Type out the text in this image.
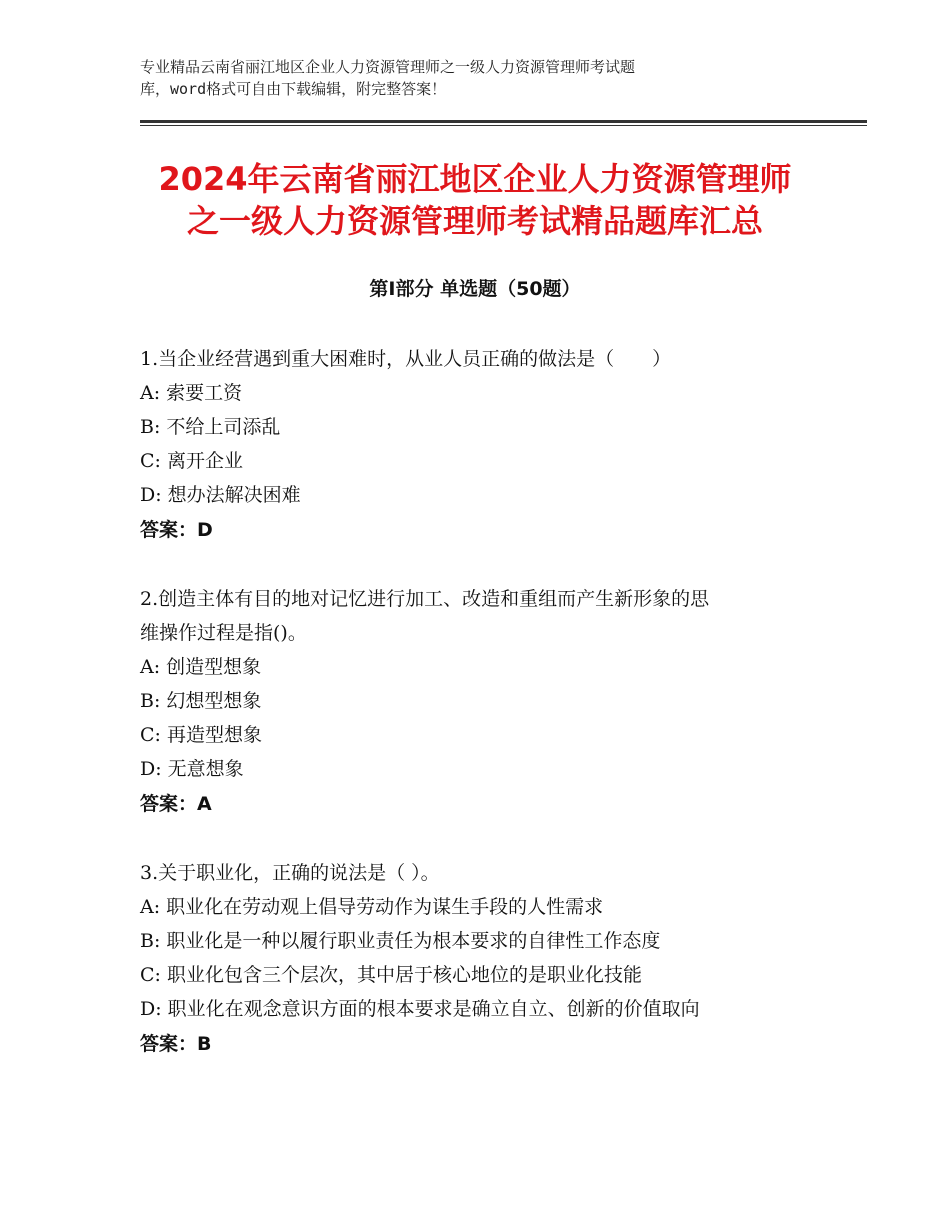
专业精品云南省丽江地区企业人力资源管理师之一级人力资源管理师考试题
库，word格式可自由下载编辑，附完整答案！
2024年云南省丽江地区企业人力资源管理师
之一级人力资源管理师考试精品题库汇总
第Ⅰ部分 单选题（50题）
1.当企业经营遇到重大困难时，从业人员正确的做法是（　　）
A: 索要工资
B: 不给上司添乱
C: 离开企业
D: 想办法解决困难
答案：D
2.创造主体有目的地对记忆进行加工、改造和重组而产生新形象的思
维操作过程是指()。
A: 创造型想象
B: 幻想型想象
C: 再造型想象
D: 无意想象
答案：A
3.关于职业化，正确的说法是（ ）。
A: 职业化在劳动观上倡导劳动作为谋生手段的人性需求
B: 职业化是一种以履行职业责任为根本要求的自律性工作态度
C: 职业化包含三个层次，其中居于核心地位的是职业化技能
D: 职业化在观念意识方面的根本要求是确立自立、创新的价值取向
答案：B
